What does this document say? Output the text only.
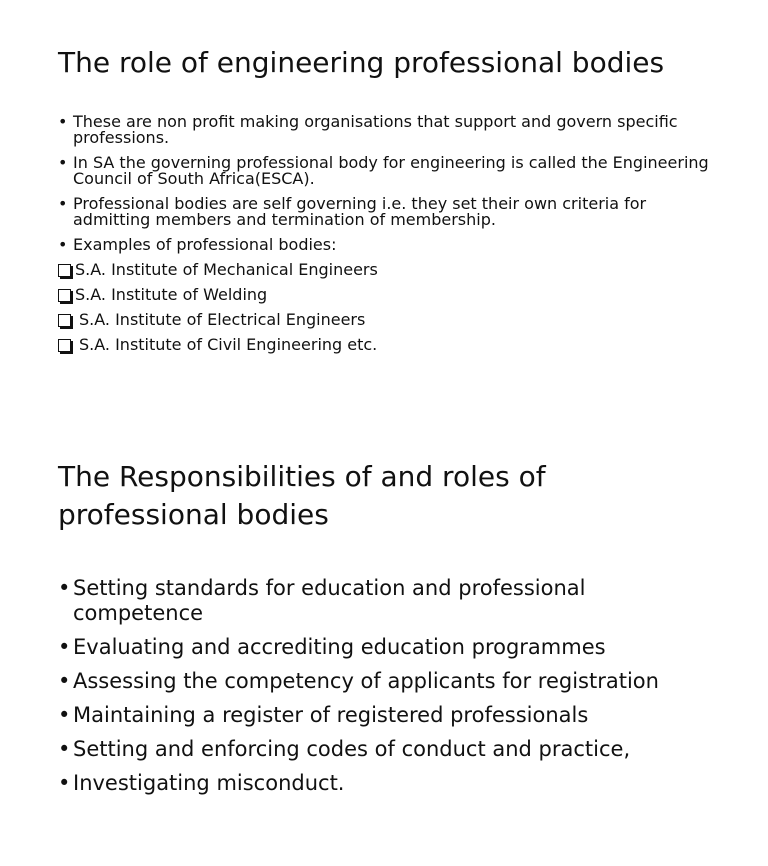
The role of engineering professional bodies
• These are non profit making organisations that support and govern specific professions.
• In SA the governing professional body for engineering is called the Engineering Council of South Africa(ESCA).
• Professional bodies are self governing i.e. they set their own criteria for admitting members and termination of membership.
• Examples of professional bodies:
S.A. Institute of Mechanical Engineers
S.A. Institute of Welding
S.A. Institute of Electrical Engineers
S.A. Institute of Civil Engineering etc.
The Responsibilities of and roles of professional bodies
• Setting standards for education and professional competence
• Evaluating and accrediting education programmes
• Assessing the competency of applicants for registration
• Maintaining a register of registered professionals
• Setting and enforcing codes of conduct and practice,
• Investigating misconduct.
